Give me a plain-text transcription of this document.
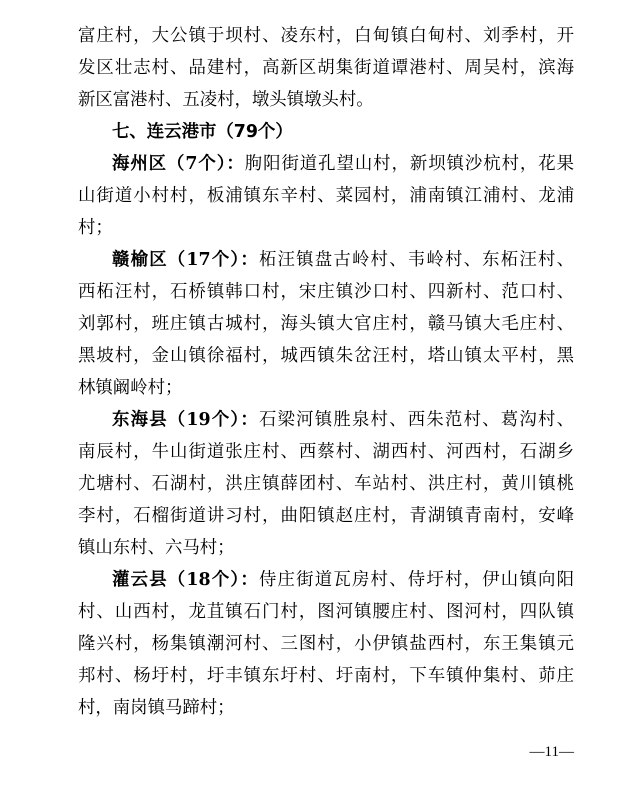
富庄村，大公镇于坝村、凌东村，白甸镇白甸村、刘季村，开
发区壮志村、品建村，高新区胡集街道谭港村、周吴村，滨海
新区富港村、五凌村，墩头镇墩头村。
七、连云港市（79个）
海州区（7个）：朐阳街道孔望山村，新坝镇沙杭村，花果
山街道小村村，板浦镇东辛村、菜园村，浦南镇江浦村、龙浦
村；
赣榆区（17个）：柘汪镇盘古岭村、韦岭村、东柘汪村、
西柘汪村，石桥镇韩口村，宋庄镇沙口村、四新村、范口村、
刘郭村，班庄镇古城村，海头镇大官庄村，赣马镇大毛庄村、
黑坡村，金山镇徐福村，城西镇朱岔汪村，塔山镇太平村，黑
林镇阚岭村；
东海县（19个）：石梁河镇胜泉村、西朱范村、葛沟村、
南辰村，牛山街道张庄村、西蔡村、湖西村、河西村，石湖乡
尤塘村、石湖村，洪庄镇薛团村、车站村、洪庄村，黄川镇桃
李村，石榴街道讲习村，曲阳镇赵庄村，青湖镇青南村，安峰
镇山东村、六马村；
灌云县（18个）：侍庄街道瓦房村、侍圩村，伊山镇向阳
村、山西村，龙苴镇石门村，图河镇腰庄村、图河村，四队镇
隆兴村，杨集镇潮河村、三图村，小伊镇盐西村，东王集镇元
邦村、杨圩村，圩丰镇东圩村、圩南村，下车镇仲集村、茆庄
村，南岗镇马蹄村；
—11—
